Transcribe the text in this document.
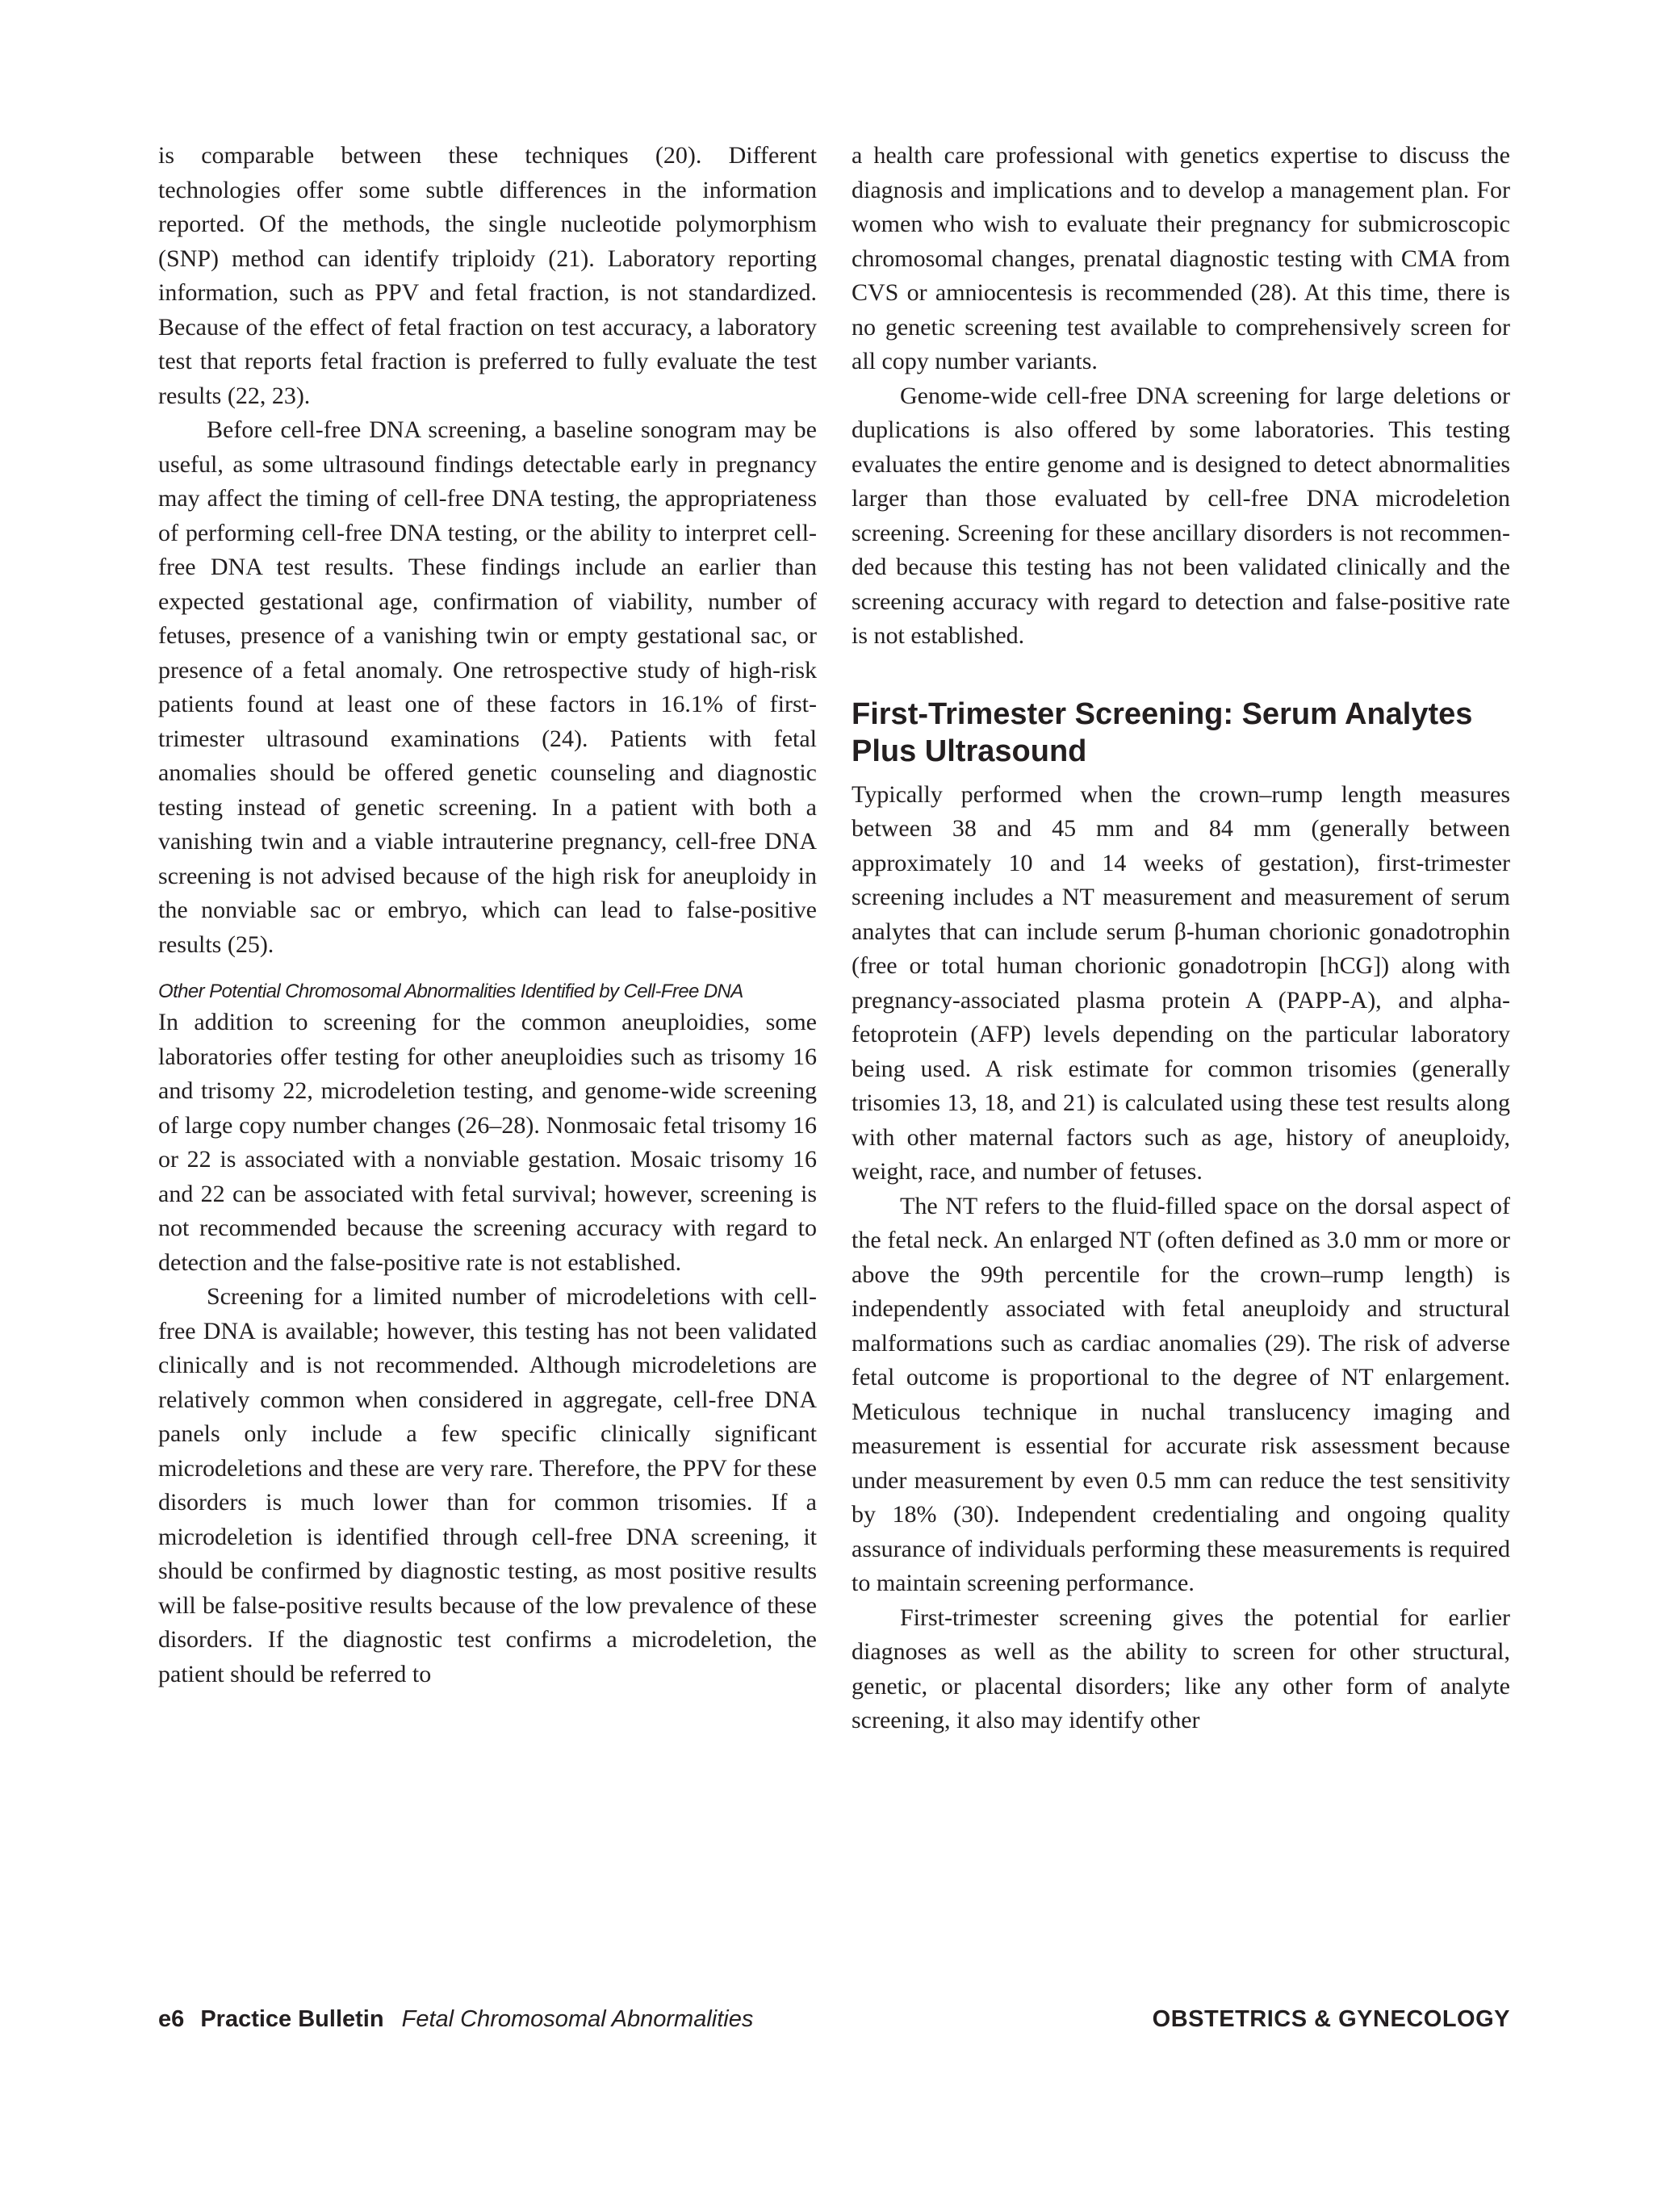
is comparable between these techniques (20). Different technologies offer some subtle differences in the information reported. Of the methods, the single nucleotide polymorphism (SNP) method can identify triploidy (21). Laboratory reporting information, such as PPV and fetal fraction, is not standardized. Because of the effect of fetal fraction on test accuracy, a laboratory test that reports fetal fraction is preferred to fully evaluate the test results (22, 23).

Before cell-free DNA screening, a baseline sonogram may be useful, as some ultrasound findings detectable early in pregnancy may affect the timing of cell-free DNA testing, the appropriateness of performing cell-free DNA testing, or the ability to interpret cell-free DNA test results. These findings include an earlier than expected gestational age, confirmation of viability, number of fetuses, presence of a vanishing twin or empty gestational sac, or presence of a fetal anomaly. One retrospective study of high-risk patients found at least one of these factors in 16.1% of first-trimester ultrasound examinations (24). Patients with fetal anomalies should be offered genetic counseling and diagnostic testing instead of genetic screening. In a patient with both a vanishing twin and a viable intrauterine pregnancy, cell-free DNA screening is not advised because of the high risk for aneuploidy in the nonviable sac or embryo, which can lead to false-positive results (25).

Other Potential Chromosomal Abnormalities Identified by Cell-Free DNA

In addition to screening for the common aneuploidies, some laboratories offer testing for other aneuploidies such as trisomy 16 and trisomy 22, microdeletion testing, and genome-wide screening of large copy number changes (26–28). Nonmosaic fetal trisomy 16 or 22 is associated with a nonviable gestation. Mosaic trisomy 16 and 22 can be associated with fetal survival; however, screening is not recommended because the screening accuracy with regard to detection and the false-positive rate is not established.

Screening for a limited number of microdeletions with cell-free DNA is available; however, this testing has not been validated clinically and is not recommended. Although microdeletions are relatively common when considered in aggregate, cell-free DNA panels only include a few specific clinically significant microdeletions and these are very rare. Therefore, the PPV for these disorders is much lower than for common trisomies. If a microdeletion is identified through cell-free DNA screening, it should be confirmed by diagnostic testing, as most positive results will be false-positive results because of the low prevalence of these disorders. If the diagnostic test confirms a microdeletion, the patient should be referred to

a health care professional with genetics expertise to discuss the diagnosis and implications and to develop a management plan. For women who wish to evaluate their pregnancy for submicroscopic chromosomal changes, prenatal diagnostic testing with CMA from CVS or amniocentesis is recommended (28). At this time, there is no genetic screening test available to comprehensively screen for all copy number variants.

Genome-wide cell-free DNA screening for large deletions or duplications is also offered by some laboratories. This testing evaluates the entire genome and is designed to detect abnormalities larger than those evaluated by cell-free DNA microdeletion screening. Screening for these ancillary disorders is not recommended because this testing has not been validated clinically and the screening accuracy with regard to detection and false-positive rate is not established.

First-Trimester Screening: Serum Analytes Plus Ultrasound

Typically performed when the crown–rump length measures between 38 and 45 mm and 84 mm (generally between approximately 10 and 14 weeks of gestation), first-trimester screening includes a NT measurement and measurement of serum analytes that can include serum β-human chorionic gonadotrophin (free or total human chorionic gonadotropin [hCG]) along with pregnancy-associated plasma protein A (PAPP-A), and alpha-fetoprotein (AFP) levels depending on the particular laboratory being used. A risk estimate for common trisomies (generally trisomies 13, 18, and 21) is calculated using these test results along with other maternal factors such as age, history of aneuploidy, weight, race, and number of fetuses.

The NT refers to the fluid-filled space on the dorsal aspect of the fetal neck. An enlarged NT (often defined as 3.0 mm or more or above the 99th percentile for the crown–rump length) is independently associated with fetal aneuploidy and structural malformations such as cardiac anomalies (29). The risk of adverse fetal outcome is proportional to the degree of NT enlargement. Meticulous technique in nuchal translucency imaging and measurement is essential for accurate risk assessment because under measurement by even 0.5 mm can reduce the test sensitivity by 18% (30). Independent credentialing and ongoing quality assurance of individuals performing these measurements is required to maintain screening performance.

First-trimester screening gives the potential for earlier diagnoses as well as the ability to screen for other structural, genetic, or placental disorders; like any other form of analyte screening, it also may identify other

e6 Practice Bulletin Fetal Chromosomal Abnormalities	OBSTETRICS & GYNECOLOGY
